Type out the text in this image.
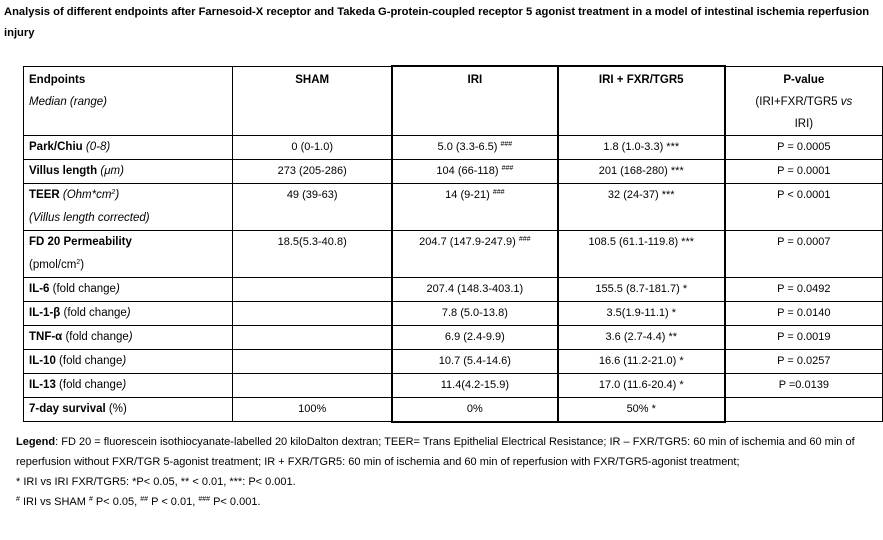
Analysis of different endpoints after Farnesoid-X receptor and Takeda G-protein-coupled receptor 5 agonist treatment in a model of intestinal ischemia reperfusion injury

Endpoints
Median (range)	SHAM	IRI	IRI + FXR/TGR5	P-value
(IRI+FXR/TGR5 vs
IRI)

Park/Chiu (0-8)	0 (0-1.0)	5.0 (3.3-6.5) ###	1.8 (1.0-3.3) ***	P = 0.0005
Villus length (μm)	273 (205-286)	104 (66-118) ###	201 (168-280) ***	P = 0.0001

TEER $(Ohm*cm^2)$
(Villus length corrected)	49 (39-63)	14 (9-21) ###	32 (24-37) ***	P < 0.0001

FD 20 Permeability
$(pmol/cm^2)$	18.5(5.3-40.8)	204.7 (147.9-247.9) ###	108.5 (61.1-119.8) ***	P = 0.0007
IL-6 (fold change)		207.4 (148.3-403.1)	155.5 (8.7-181.7) *	P = 0.0492
IL-1-β (fold change)		7.8 (5.0-13.8)	3.5(1.9-11.1) *	P = 0.0140
TNF-α (fold change)		6.9 (2.4-9.9)	3.6 (2.7-4.4) **	P = 0.0019
IL-10 (fold change)		10.7 (5.4-14.6)	16.6 (11.2-21.0) *	P = 0.0257
IL-13 (fold change)		11.4(4.2-15.9)	17.0 (11.6-20.4) *	P =0.0139
7-day survival (%)	100%	0%	50% *	

Legend: FD 20 = fluorescein isothiocyanate-labelled 20 kiloDalton dextran; TEER= Trans Epithelial Electrical Resistance; IR – FXR/TGR5: 60 min of ischemia and 60 min of reperfusion without FXR/TGR 5-agonist treatment; IR + FXR/TGR5: 60 min of ischemia and 60 min of reperfusion with FXR/TGR5-agonist treatment;

* IRI vs IRI FXR/TGR5: *P< 0.05, ** < 0.01, ***: P< 0.001.

# IRI vs SHAM # P< 0.05, ## P < 0.01, ### P< 0.001.
